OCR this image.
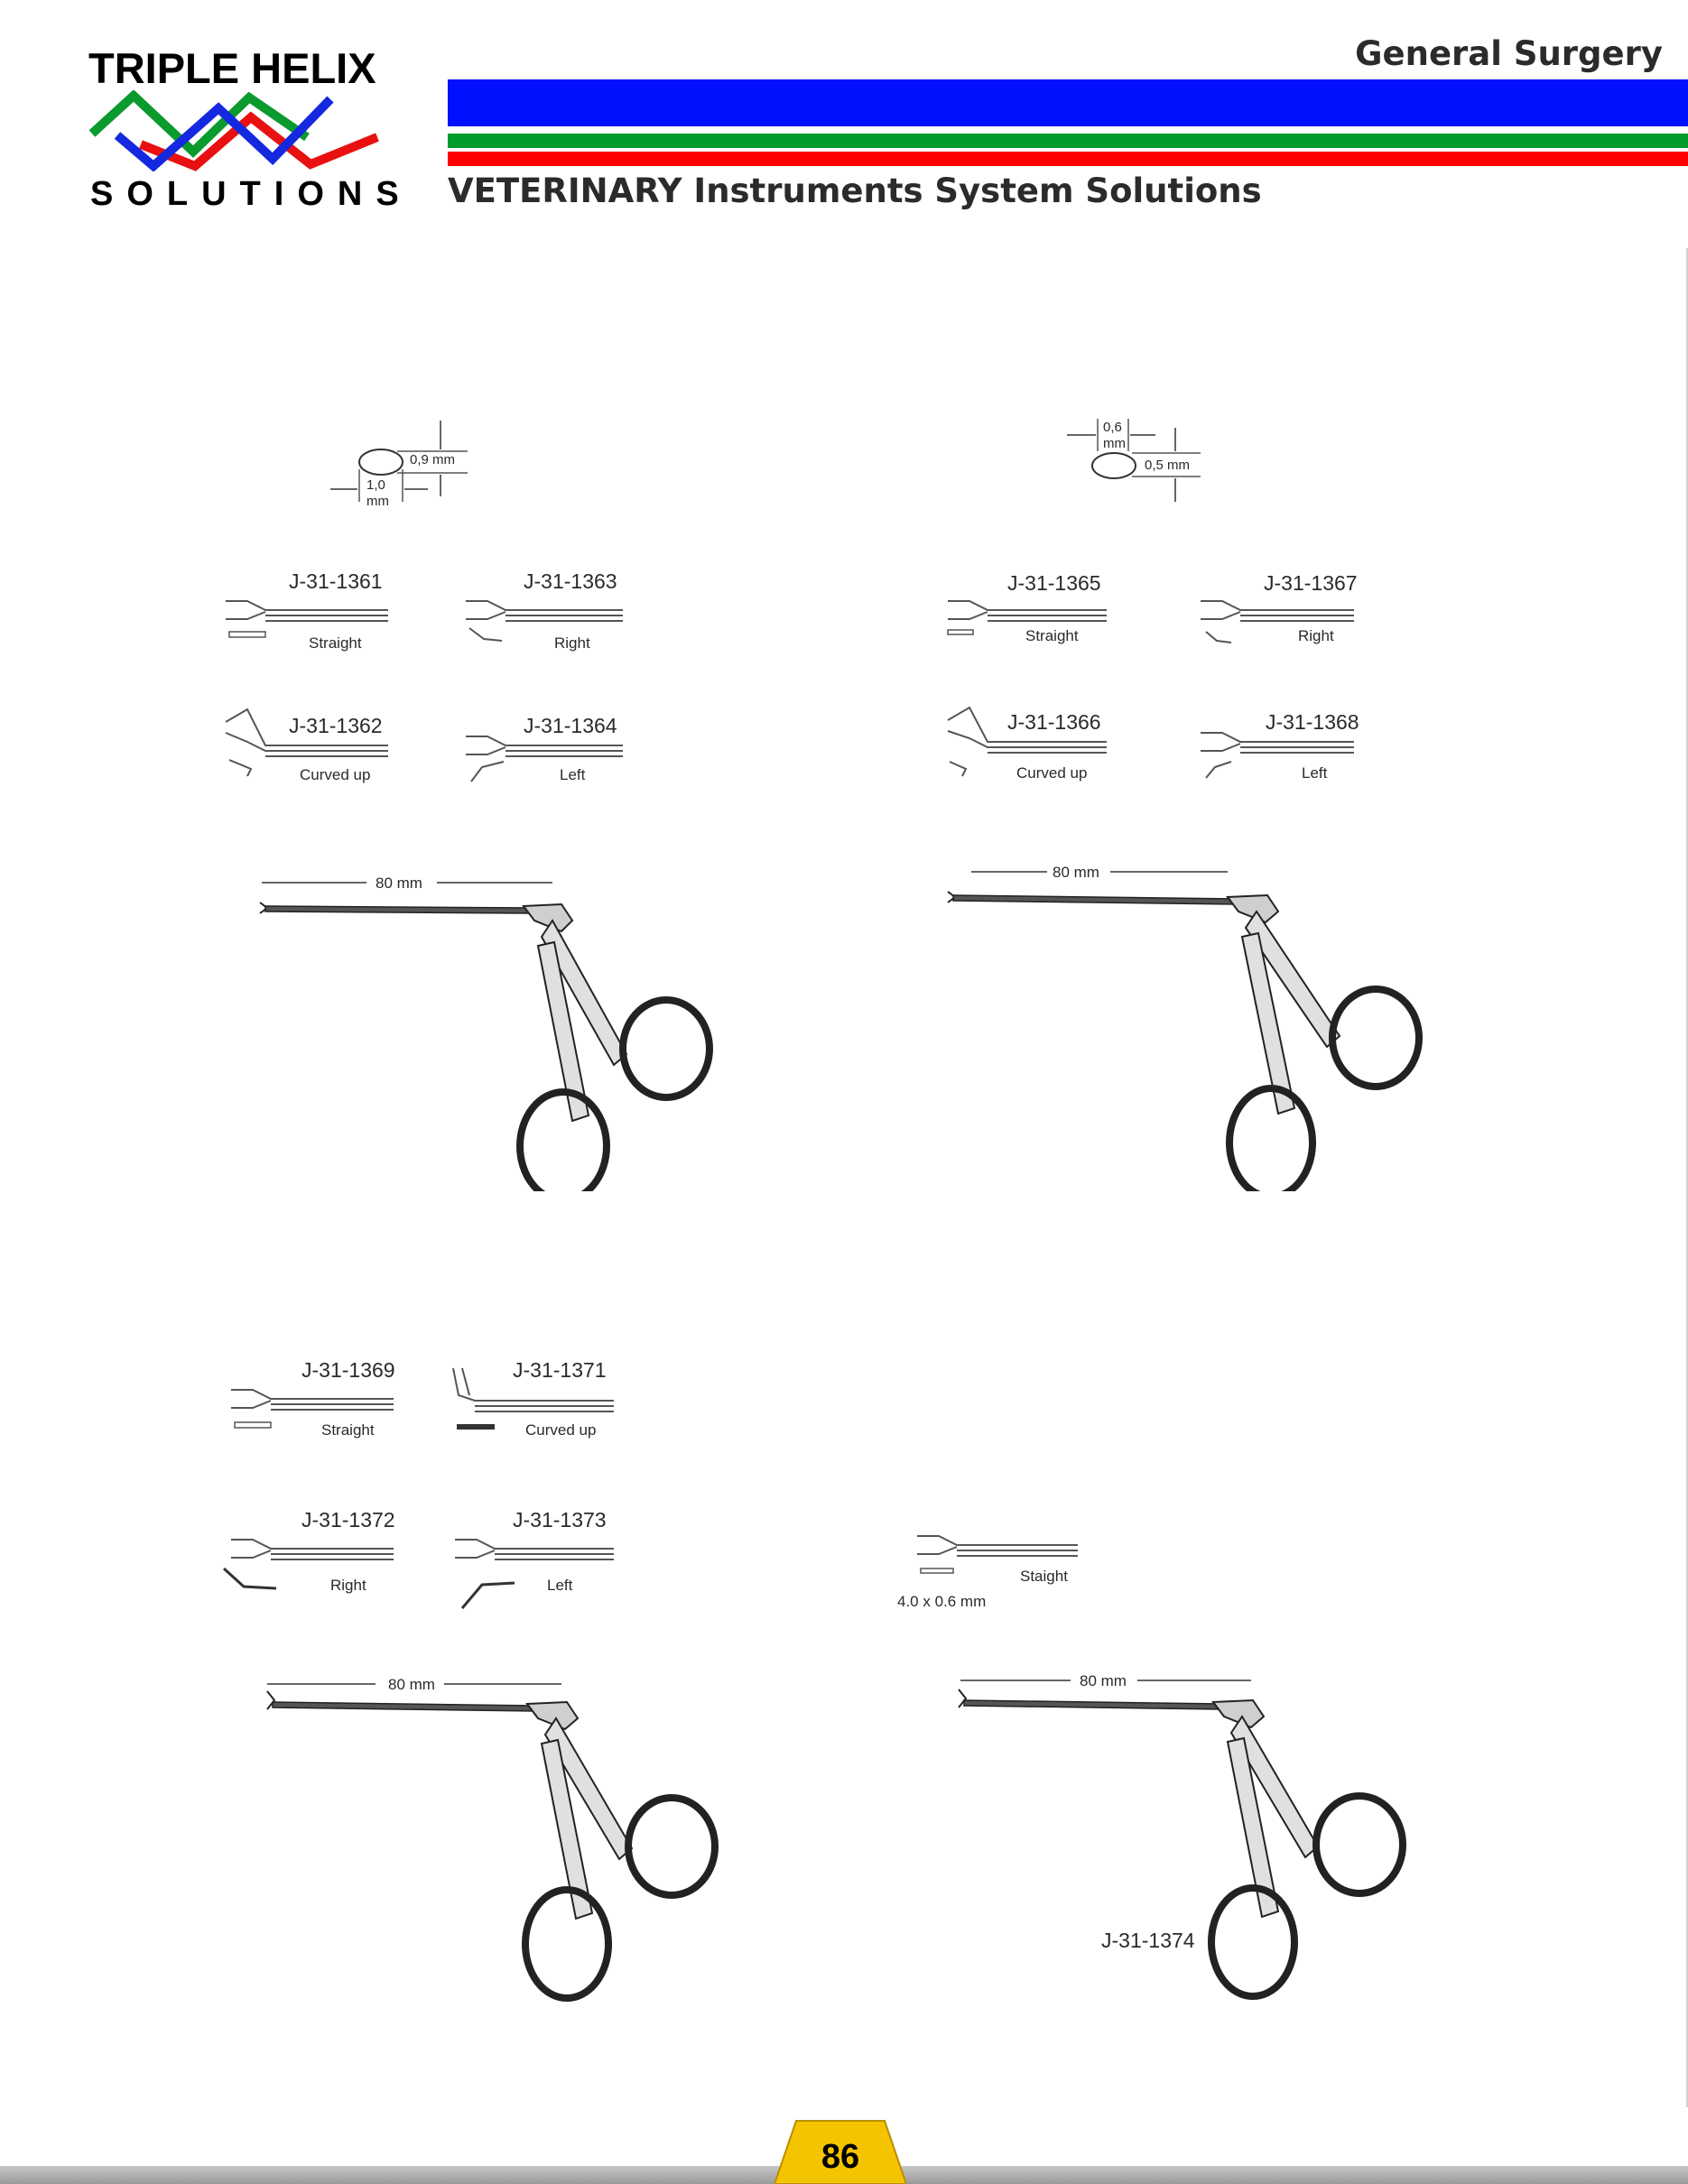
TRIPLE HELIX
SOLUTIONS
General Surgery
VETERINARY Instruments System Solutions
0,9 mm
1,0
mm
J-31-1361
Straight
J-31-1363
Right
J-31-1362
Curved up
J-31-1364
Left
80 mm
0,6
mm
0,5 mm
J-31-1365
Straight
J-31-1367
Right
J-31-1366
Curved up
J-31-1368
Left
80 mm
J-31-1369
Straight
J-31-1371
Curved up
J-31-1372
Right
J-31-1373
Left
80 mm
Staight
4.0 x 0.6 mm
80 mm
J-31-1374
86
